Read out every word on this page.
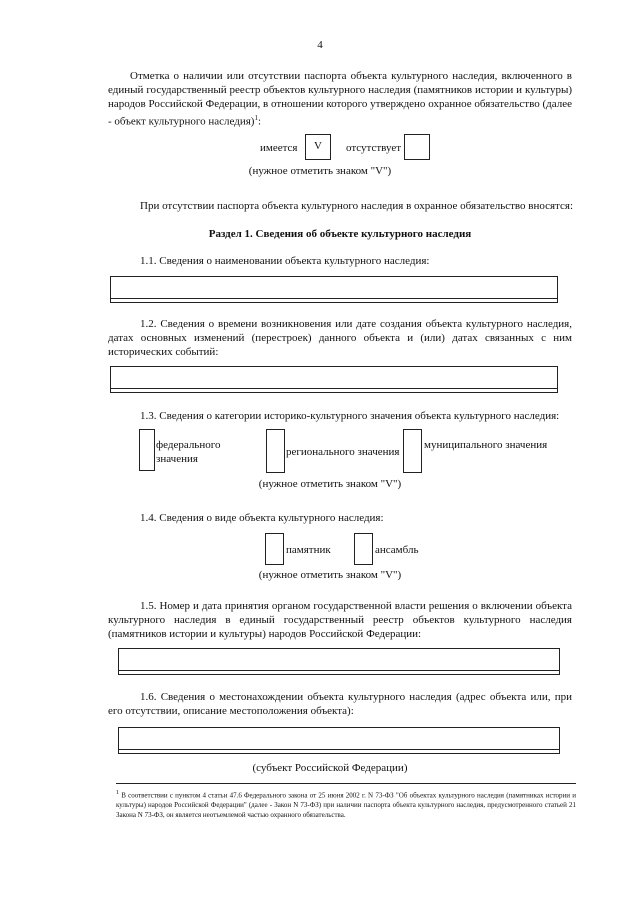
4
Отметка о наличии или отсутствии паспорта объекта культурного наследия, включенного в единый государственный реестр объектов культурного наследия (памятников истории и культуры) народов Российской Федерации, в отношении которого утверждено охранное обязательство (далее - объект культурного наследия)$^1$:
имеется	V	отсутствует
(нужное отметить знаком "V")
При отсутствии паспорта объекта культурного наследия в охранное обязательство вносятся:
Раздел 1. Сведения об объекте культурного наследия
1.1. Сведения о наименовании объекта культурного наследия:
1.2. Сведения о времени возникновения или дате создания объекта культурного наследия, датах основных изменений (перестроек) данного объекта и (или) датах связанных с ним исторических событий:
1.3. Сведения о категории историко-культурного значения объекта культурного наследия:
федерального
значения
регионального значения
муниципального значения
(нужное отметить знаком "V")
1.4. Сведения о виде объекта культурного наследия:
памятник	ансамбль
(нужное отметить знаком "V")
1.5. Номер и дата принятия органом государственной власти решения о включении объекта культурного наследия в единый государственный реестр объектов культурного наследия (памятников истории и культуры) народов Российской Федерации:
1.6. Сведения о местонахождении объекта культурного наследия (адрес объекта или, при его отсутствии, описание местоположения объекта):
(субъект Российской Федерации)
$^1$ В соответствии с пунктом 4 статьи 47.6 Федерального закона от 25 июня 2002 г. N 73-ФЗ "Об объектах культурного наследия (памятниках истории и культуры) народов Российской Федерации" (далее - Закон N 73-ФЗ) при наличии паспорта объекта культурного наследия, предусмотренного статьей 21 Закона N 73-ФЗ, он является неотъемлемой частью охранного обязательства.
